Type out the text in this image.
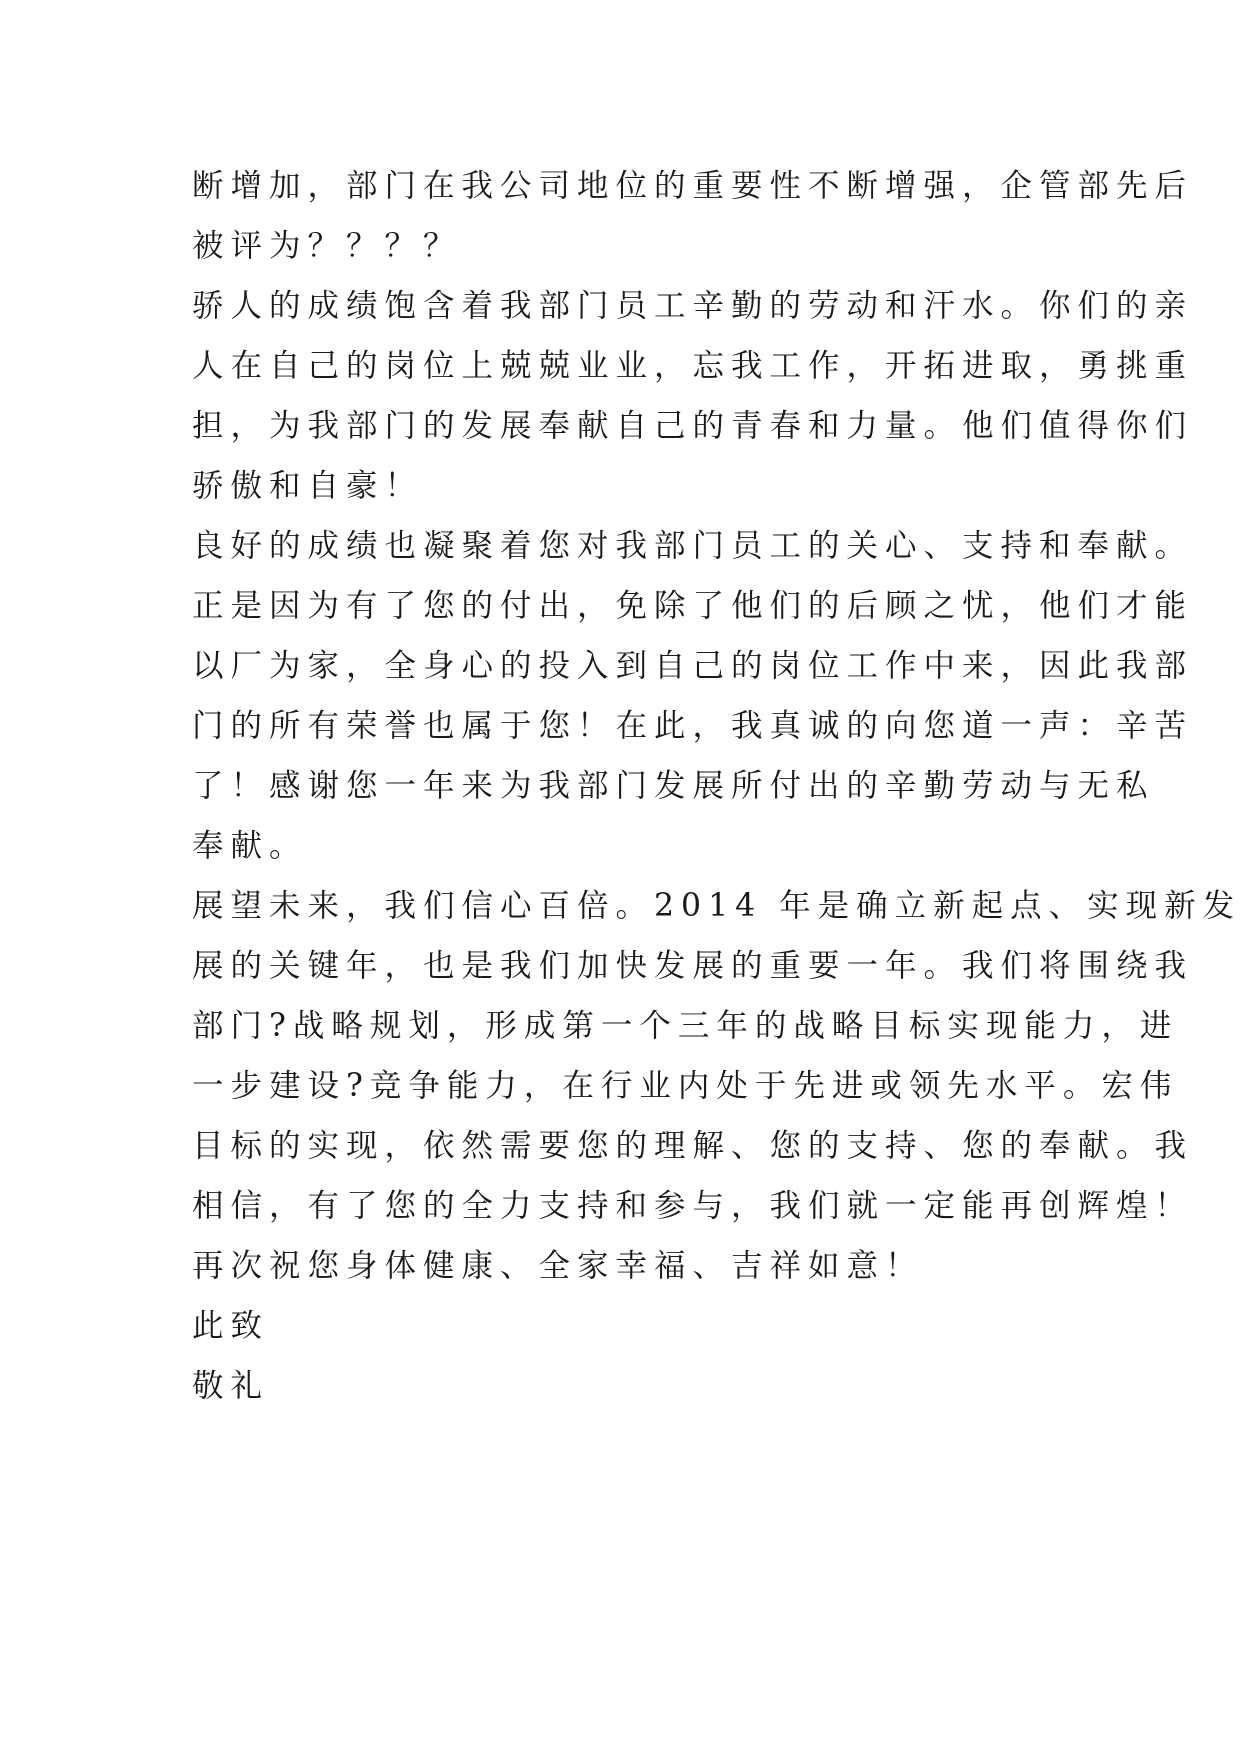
断增加，部门在我公司地位的重要性不断增强，企管部先后
被评为？？？？
骄人的成绩饱含着我部门员工辛勤的劳动和汗水。你们的亲
人在自己的岗位上兢兢业业，忘我工作，开拓进取，勇挑重
担，为我部门的发展奉献自己的青春和力量。他们值得你们
骄傲和自豪！
良好的成绩也凝聚着您对我部门员工的关心、支持和奉献。
正是因为有了您的付出，免除了他们的后顾之忧，他们才能
以厂为家，全身心的投入到自己的岗位工作中来，因此我部
门的所有荣誉也属于您！在此，我真诚的向您道一声：辛苦
了！感谢您一年来为我部门发展所付出的辛勤劳动与无私
奉献。
展望未来，我们信心百倍。2014 年是确立新起点、实现新发
展的关键年，也是我们加快发展的重要一年。我们将围绕我
部门?战略规划，形成第一个三年的战略目标实现能力，进
一步建设?竞争能力，在行业内处于先进或领先水平。宏伟
目标的实现，依然需要您的理解、您的支持、您的奉献。我
相信，有了您的全力支持和参与，我们就一定能再创辉煌！
再次祝您身体健康、全家幸福、吉祥如意！
此致
敬礼
